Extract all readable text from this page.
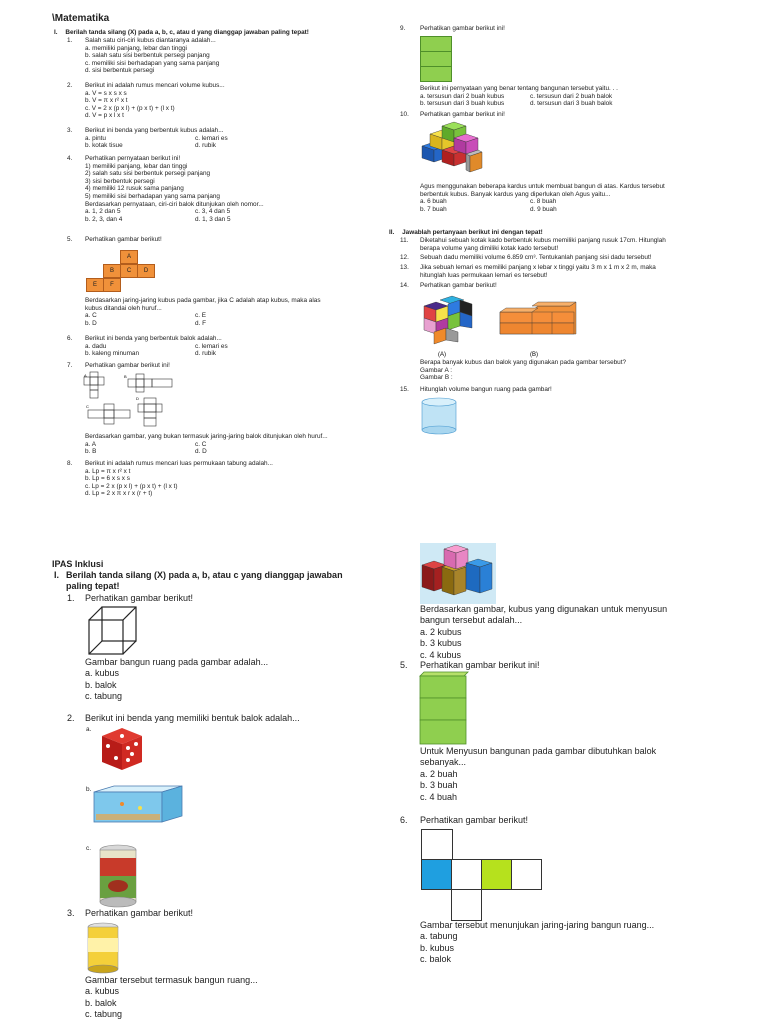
\Matematika
I. Berilah tanda silang (X) pada a, b, c, atau d yang dianggap jawaban paling tepat!
1.	Salah satu ciri-ciri kubus diantaranya adalah...
a. memiliki panjang, lebar dan tinggi
b. salah satu sisi berbentuk persegi panjang
c. memiliki sisi berhadapan yang sama panjang
d. sisi berbentuk persegi
2.	Berikut ini adalah rumus mencari volume kubus...
a. V = s x s x s
b. V = π x r² x t
c. V = 2 x (p x l) + (p x t) + (l x t)
d. V = p x l x t
3.	Berikut ini benda yang berbentuk kubus adalah...
a. pintu	c. lemari es
b. kotak tisue	d. rubik
4.	Perhatikan pernyataan berikut ini!
1) memiliki panjang, lebar dan tinggi
2) salah satu sisi berbentuk persegi panjang
3) sisi berbentuk persegi
4) memiliki 12 rusuk sama panjang
5) memiliki sisi berhadapan yang sama panjang
Berdasarkan pernyataan, ciri-ciri balok ditunjukan oleh nomor...
a. 1, 2 dan 5	c. 3, 4 dan 5
b. 2, 3, dan 4	d. 1, 3 dan 5
5.	Perhatikan gambar berikut!
A
B	C	D
E	F
Berdasarkan jaring-jaring kubus pada gambar, jika C adalah atap kubus, maka alas
kubus ditandai oleh huruf...
a. C	c. E
b. D	d. F
6.	Berikut ini benda yang berbentuk balok adalah...
a. dadu	c. lemari es
b. kaleng minuman	d. rubik
7.	Perhatikan gambar berikut ini!
A	B
C
D
Berdasarkan gambar, yang bukan termasuk jaring-jaring balok ditunjukan oleh huruf...
a. A	c. C
b. B	d. D
8.	Berikut ini adalah rumus mencari luas permukaan tabung adalah...
a. Lp = π x r² x t
b. Lp = 6 x s x s
c. Lp = 2 x (p x l) + (p x t) + (l x t)
d. Lp = 2 x π x r x (r + t)
9.	Perhatikan gambar berikut ini!
Berikut ini pernyataan yang benar tentang bangunan tersebut yaitu. . .
a. tersusun dari 2 buah kubus	c. tersusun dari 2 buah balok
b. tersusun dari 3 buah kubus	d. tersusun dari 3 buah balok
10.	Perhatikan gambar berikut ini!
Agus menggunakan beberapa kardus untuk membuat bangun di atas. Kardus tersebut
berbentuk kubus. Banyak kardus yang diperlukan oleh Agus yaitu...
a. 6 buah	c. 8 buah
b. 7 buah	d. 9 buah
II. Jawablah pertanyaan berikut ini dengan tepat!
11.	Diketahui sebuah kotak kado berbentuk kubus memiliki panjang rusuk 17cm. Hitunglah
berapa volume yang dimiliki kotak kado tersebut!
12.	Sebuah dadu memiliki volume 6.859 cm³. Tentukanlah panjang sisi dadu tersebut!
13.	Jika sebuah lemari es memiliki panjang x lebar x tinggi yaitu 3 m x 1 m x 2 m, maka
hitunglah luas permukaan lemari es tersebut!
14.	Perhatikan gambar berikut!
(A)	(B)
Berapa banyak kubus dan balok yang digunakan pada gambar tersebut?
Gambar A :
Gambar B :
15.	Hitunglah volume bangun ruang pada gambar!
IPAS Inklusi
I. Berilah tanda silang (X) pada a, b, atau c yang dianggap jawaban
paling tepat!
1.	Perhatikan gambar berikut!
Gambar bangun ruang pada gambar adalah...
a. kubus
b. balok
c. tabung
2.	Berikut ini benda yang memiliki bentuk balok adalah...
a.
b.
c.
3.	Perhatikan gambar berikut!
Gambar tersebut termasuk bangun ruang...
a. kubus
b. balok
c. tabung
Berdasarkan gambar, kubus yang digunakan untuk menyusun
bangun tersebut adalah...
a. 2 kubus
b. 3 kubus
c. 4 kubus
5.	Perhatikan gambar berikut ini!
Untuk Menyusun bangunan pada gambar dibutuhkan balok
sebanyak...
a. 2 buah
b. 3 buah
c. 4 buah
6.	Perhatikan gambar berikut!
Gambar tersebut menunjukan jaring-jaring bangun ruang...
a. tabung
b. kubus
c. balok
